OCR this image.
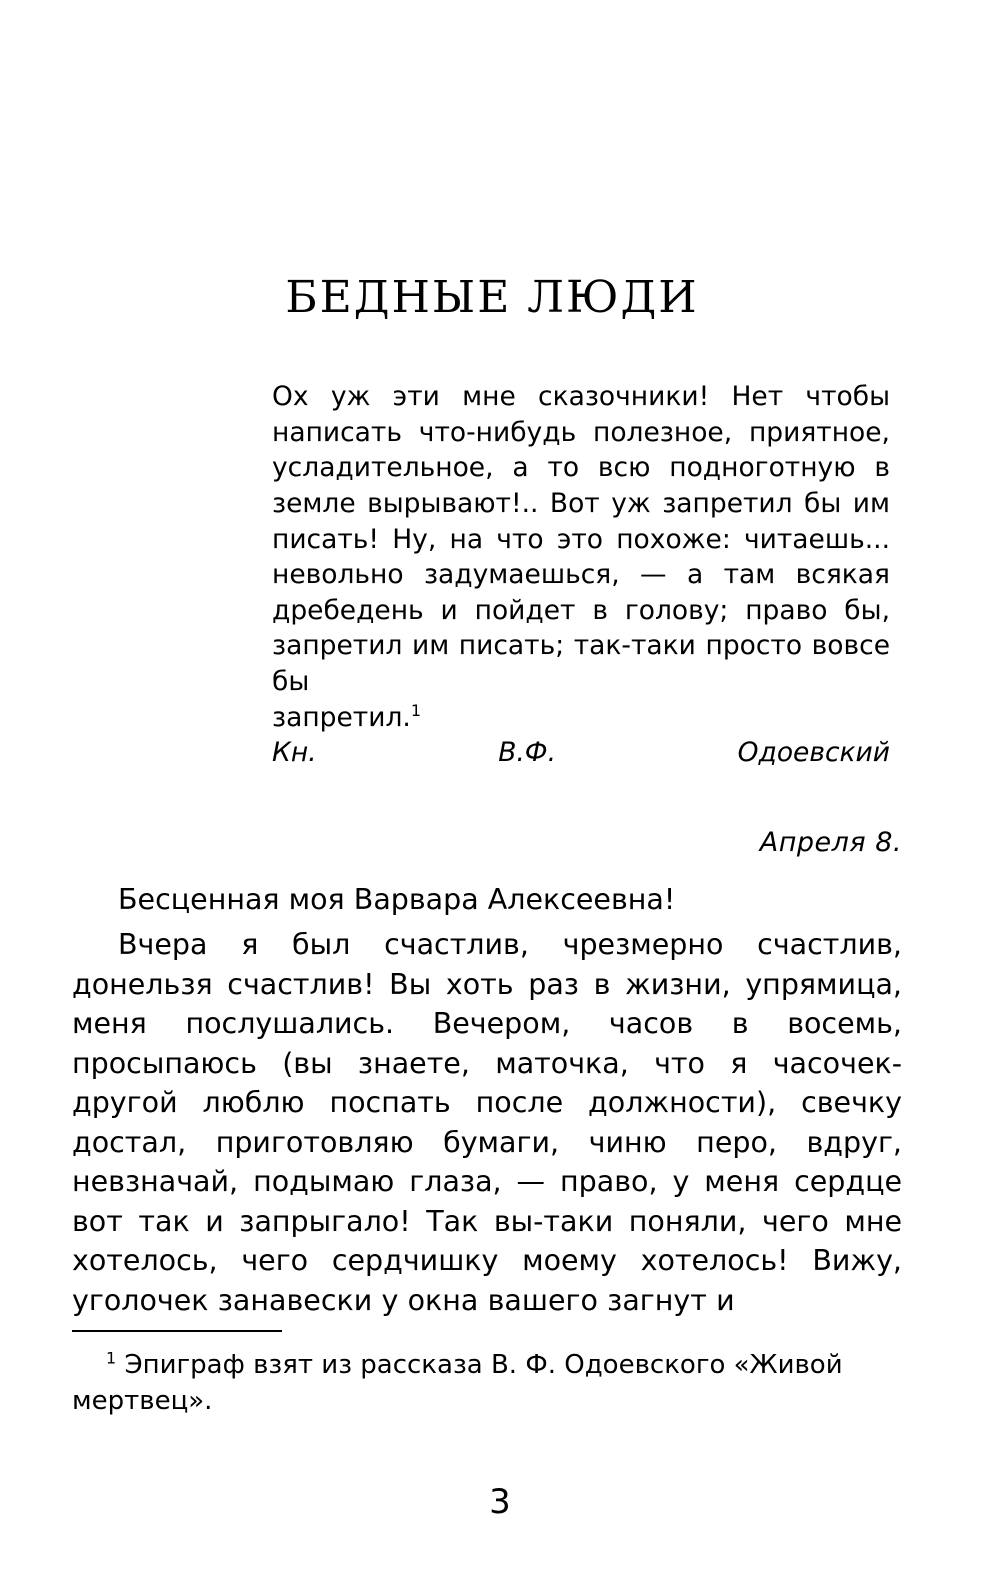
БЕДНЫЕ ЛЮДИ

Ох уж эти мне сказочники! Нет чтобы написать что-нибудь полезное, приятное, усладительное, а то всю подноготную в земле вырывают!.. Вот уж запретил бы им писать! Ну, на что это похоже: читаешь... невольно задумаешься, — а там всякая дребедень и пойдет в голову; право бы, запретил им писать; так-таки просто вовсе бы

запретил.$^1$

Кн. В.Ф. Одоевский

Апреля 8.

Бесценная моя Варвара Алексеевна!

Вчера я был счастлив, чрезмерно счастлив, донельзя счастлив! Вы хоть раз в жизни, упрямица, меня послушались. Вечером, часов в восемь, просыпаюсь (вы знаете, маточка, что я часочек-другой люблю поспать после должности), свечку достал, приготовляю бумаги, чиню перо, вдруг, невзначай, подымаю глаза, — право, у меня сердце вот так и запрыгало! Так вы-таки поняли, чего мне хотелось, чего сердчишку моему хотелось! Вижу, уголочек занавески у окна вашего загнут и

$^1$ Эпиграф взят из рассказа В. Ф. Одоевского «Живой мертвец».

3
